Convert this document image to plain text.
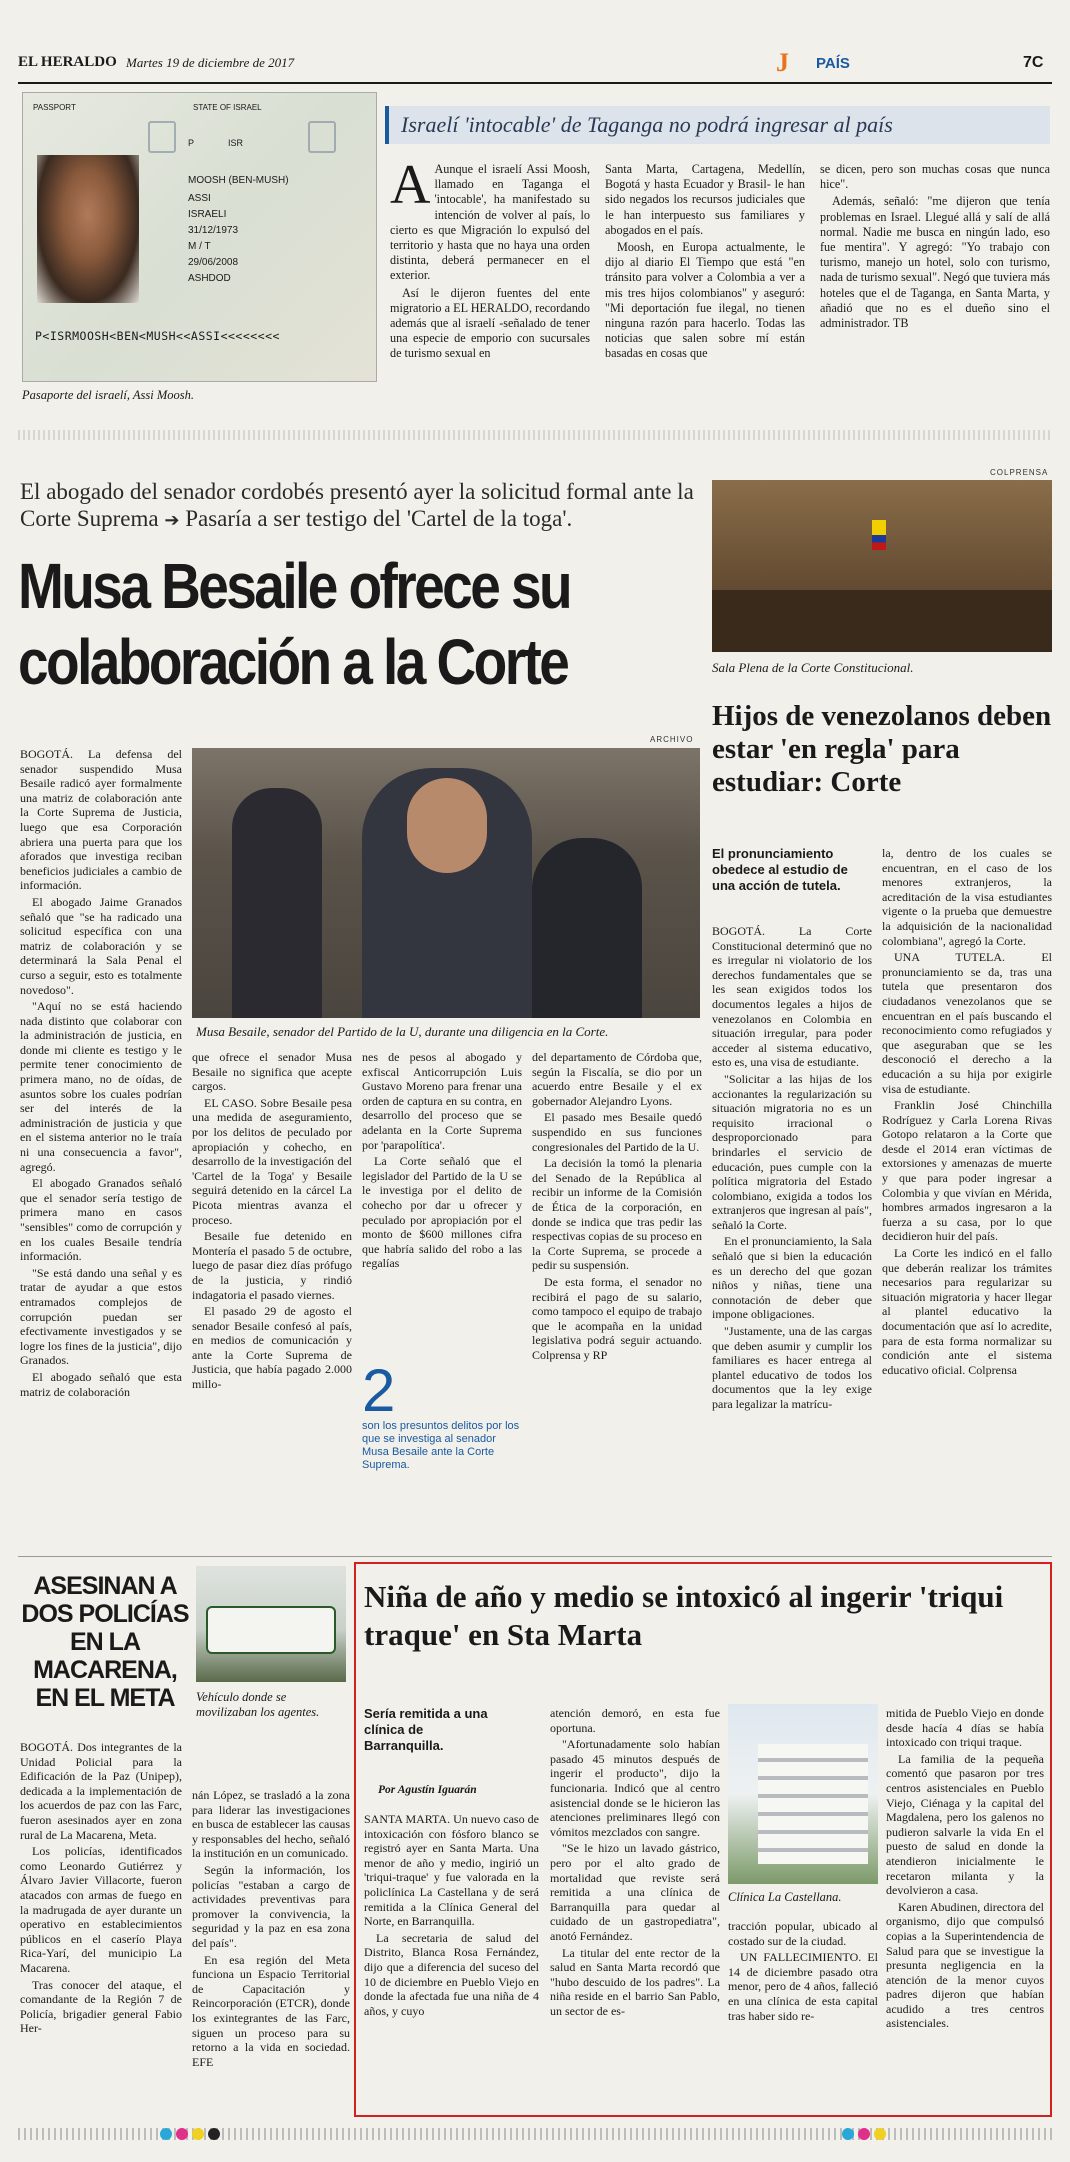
EL HERALDO Martes 19 de diciembre de 2017	J PAÍS	7C
PASSPORT	STATE OF ISRAEL
P	ISR
MOOSH (BEN-MUSH)
ASSI
ISRAELI
31/12/1973
M / T
29/06/2008
ASHDOD
P<ISRMOOSH<BEN<MUSH<<ASSI<<<<<<<<
Pasaporte del israelí, Assi Moosh.
Israelí 'intocable' de Taganga no podrá ingresar al país

A Aunque el israelí Assi Moosh, llamado en Taganga el 'intocable', ha manifestado su intención de volver al país, lo cierto es que Migración lo expulsó del territorio y hasta que no haya una orden distinta, deberá permanecer en el exterior.

Así le dijeron fuentes del ente migratorio a EL HERALDO, recordando además que al israelí -señalado de tener una especie de emporio con sucursales de turismo sexual en

Santa Marta, Cartagena, Medellín, Bogotá y hasta Ecuador y Brasil- le han sido negados los recursos judiciales que le han interpuesto sus familiares y abogados en el país.

Moosh, en Europa actualmente, le dijo al diario El Tiempo que está "en tránsito para volver a Colombia a ver a mis tres hijos colombianos" y aseguró: "Mi deportación fue ilegal, no tienen ninguna razón para hacerlo. Todas las noticias que salen sobre mí están basadas en cosas que

se dicen, pero son muchas cosas que nunca hice".

Además, señaló: "me dijeron que tenía problemas en Israel. Llegué allá y salí de allá normal. Nadie me busca en ningún lado, eso fue mentira". Y agregó: "Yo trabajo con turismo, manejo un hotel, solo con turismo, nada de turismo sexual". Negó que tuviera más hoteles que el de Taganga, en Santa Marta, y añadió que no es el dueño sino el administrador. TB

El abogado del senador cordobés presentó ayer la solicitud formal ante la Corte Suprema ➔ Pasaría a ser testigo del 'Cartel de la toga'.
Musa Besaile ofrece su
colaboración a la Corte
ARCHIVO

BOGOTÁ. La defensa del senador suspendido Musa Besaile radicó ayer formalmente una matriz de colaboración ante la Corte Suprema de Justicia, luego que esa Corporación abriera una puerta para que los aforados que investiga reciban beneficios judiciales a cambio de información.

El abogado Jaime Granados señaló que "se ha radicado una solicitud específica con una matriz de colaboración y se determinará la Sala Penal el curso a seguir, esto es totalmente novedoso".

"Aquí no se está haciendo nada distinto que colaborar con la administración de justicia, en donde mi cliente es testigo y le permite tener conocimiento de primera mano, no de oídas, de asuntos sobre los cuales podrían ser del interés de la administración de justicia y que en el sistema anterior no le traía ni una consecuencia a favor", agregó.

El abogado Granados señaló que el senador sería testigo de primera mano en casos "sensibles" como de corrupción y en los cuales Besaile tendría información.

"Se está dando una señal y es tratar de ayudar a que estos entramados complejos de corrupción puedan ser efectivamente investigados y se logre los fines de la justicia", dijo Granados.

El abogado señaló que esta matriz de colaboración

Musa Besaile, senador del Partido de la U, durante una diligencia en la Corte.

que ofrece el senador Musa Besaile no significa que acepte cargos.

EL CASO. Sobre Besaile pesa una medida de aseguramiento, por los delitos de peculado por apropiación y cohecho, en desarrollo de la investigación del 'Cartel de la Toga' y Besaile seguirá detenido en la cárcel La Picota mientras avanza el proceso.

Besaile fue detenido en Montería el pasado 5 de octubre, luego de pasar diez días prófugo de la justicia, y rindió indagatoria el pasado viernes.

El pasado 29 de agosto el senador Besaile confesó al país, en medios de comunicación y ante la Corte Suprema de Justicia, que había pagado 2.000 millo-

nes de pesos al abogado y exfiscal Anticorrupción Luis Gustavo Moreno para frenar una orden de captura en su contra, en desarrollo del proceso que se adelanta en la Corte Suprema por 'parapolítica'.

La Corte señaló que el legislador del Partido de la U se le investiga por el delito de cohecho por dar u ofrecer y peculado por apropiación por el monto de $600 millones cifra que habría salido del robo a las regalías

2
son los presuntos delitos por los que se investiga al senador Musa Besaile ante la Corte Suprema.

del departamento de Córdoba que, según la Fiscalía, se dio por un acuerdo entre Besaile y el ex gobernador Alejandro Lyons.

El pasado mes Besaile quedó suspendido en sus funciones congresionales del Partido de la U.

La decisión la tomó la plenaria del Senado de la República al recibir un informe de la Comisión de Ética de la corporación, en donde se indica que tras pedir las respectivas copias de su proceso en la Corte Suprema, se procede a pedir su suspensión.

De esta forma, el senador no recibirá el pago de su salario, como tampoco el equipo de trabajo que le acompaña en la unidad legislativa podrá seguir actuando. Colprensa y RP

COLPRENSA
Sala Plena de la Corte Constitucional.
Hijos de venezolanos deben estar 'en regla' para estudiar: Corte
El pronunciamiento obedece al estudio de una acción de tutela.

BOGOTÁ. La Corte Constitucional determinó que no es irregular ni violatorio de los derechos fundamentales que se les sean exigidos todos los documentos legales a hijos de venezolanos en Colombia en situación irregular, para poder acceder al sistema educativo, esto es, una visa de estudiante.

"Solicitar a las hijas de los accionantes la regularización su situación migratoria no es un requisito irracional o desproporcionado para brindarles el servicio de educación, pues cumple con la política migratoria del Estado colombiano, exigida a todos los extranjeros que ingresan al país", señaló la Corte.

En el pronunciamiento, la Sala señaló que si bien la educación es un derecho del que gozan niños y niñas, tiene una connotación de deber que impone obligaciones.

"Justamente, una de las cargas que deben asumir y cumplir los familiares es hacer entrega al plantel educativo de todos los documentos que la ley exige para legalizar la matrícu-

la, dentro de los cuales se encuentran, en el caso de los menores extranjeros, la acreditación de la visa estudiantes vigente o la prueba que demuestre la adquisición de la nacionalidad colombiana", agregó la Corte.

UNA TUTELA. El pronunciamiento se da, tras una tutela que presentaron dos ciudadanos venezolanos que se encuentran en el país buscando el reconocimiento como refugiados y que aseguraban que se les desconoció el derecho a la educación a su hija por exigirle visa de estudiante.

Franklin José Chinchilla Rodríguez y Carla Lorena Rivas Gotopo relataron a la Corte que desde el 2014 eran víctimas de extorsiones y amenazas de muerte y que para poder ingresar a Colombia y que vivían en Mérida, hombres armados ingresaron a la fuerza a su casa, por lo que decidieron huir del país.

La Corte les indicó en el fallo que deberán realizar los trámites necesarios para regularizar su situación migratoria y hacer llegar al plantel educativo la documentación que así lo acredite, para de esta forma normalizar su condición ante el sistema educativo oficial. Colprensa

ASESINAN A DOS POLICÍAS EN LA MACARENA, EN EL META	Vehículo donde se movilizaban los agentes.

BOGOTÁ. Dos integrantes de la Unidad Policial para la Edificación de la Paz (Unipep), dedicada a la implementación de los acuerdos de paz con las Farc, fueron asesinados ayer en zona rural de La Macarena, Meta.

Los policías, identificados como Leonardo Gutiérrez y Álvaro Javier Villacorte, fueron atacados con armas de fuego en la madrugada de ayer durante un operativo en establecimientos públicos en el caserío Playa Rica-Yarí, del municipio La Macarena.

Tras conocer del ataque, el comandante de la Región 7 de Policía, brigadier general Fabio Her-

nán López, se trasladó a la zona para liderar las investigaciones en busca de establecer las causas y responsables del hecho, señaló la institución en un comunicado.

Según la información, los policías "estaban a cargo de actividades preventivas para promover la convivencia, la seguridad y la paz en esa zona del país".

En esa región del Meta funciona un Espacio Territorial de Capacitación y Reincorporación (ETCR), donde los exintegrantes de las Farc, siguen un proceso para su retorno a la vida en sociedad. EFE

Niña de año y medio se intoxicó al ingerir 'triqui traque' en Sta Marta
Sería remitida a una clínica de Barranquilla.
Por Agustín Iguarán

SANTA MARTA. Un nuevo caso de intoxicación con fósforo blanco se registró ayer en Santa Marta. Una menor de año y medio, ingirió un 'triqui-traque' y fue valorada en la policlínica La Castellana y de será remitida a la Clínica General del Norte, en Barranquilla.

La secretaria de salud del Distrito, Blanca Rosa Fernández, dijo que a diferencia del suceso del 10 de diciembre en Pueblo Viejo en donde la afectada fue una niña de 4 años, y cuyo

atención demoró, en esta fue oportuna.

"Afortunadamente solo habían pasado 45 minutos después de ingerir el producto", dijo la funcionaria. Indicó que al centro asistencial donde se le hicieron las atenciones preliminares llegó con vómitos mezclados con sangre.

"Se le hizo un lavado gástrico, pero por el alto grado de mortalidad que reviste será remitida a una clínica de Barranquilla para quedar al cuidado de un gastropediatra", anotó Fernández.

La titular del ente rector de la salud en Santa Marta recordó que "hubo descuido de los padres". La niña reside en el barrio San Pablo, un sector de es-

Clínica La Castellana.

tracción popular, ubicado al costado sur de la ciudad.

UN FALLECIMIENTO. El 14 de diciembre pasado otra menor, pero de 4 años, falleció en una clínica de esta capital tras haber sido re-

mitida de Pueblo Viejo en donde desde hacía 4 días se había intoxicado con triqui traque.

La familia de la pequeña comentó que pasaron por tres centros asistenciales en Pueblo Viejo, Ciénaga y la capital del Magdalena, pero los galenos no pudieron salvarle la vida En el puesto de salud en donde la atendieron inicialmente le recetaron milanta y la devolvieron a casa.

Karen Abudinen, directora del organismo, dijo que compulsó copias a la Superintendencia de Salud para que se investigue la presunta negligencia en la atención de la menor cuyos padres dijeron que habían acudido a tres centros asistenciales.
